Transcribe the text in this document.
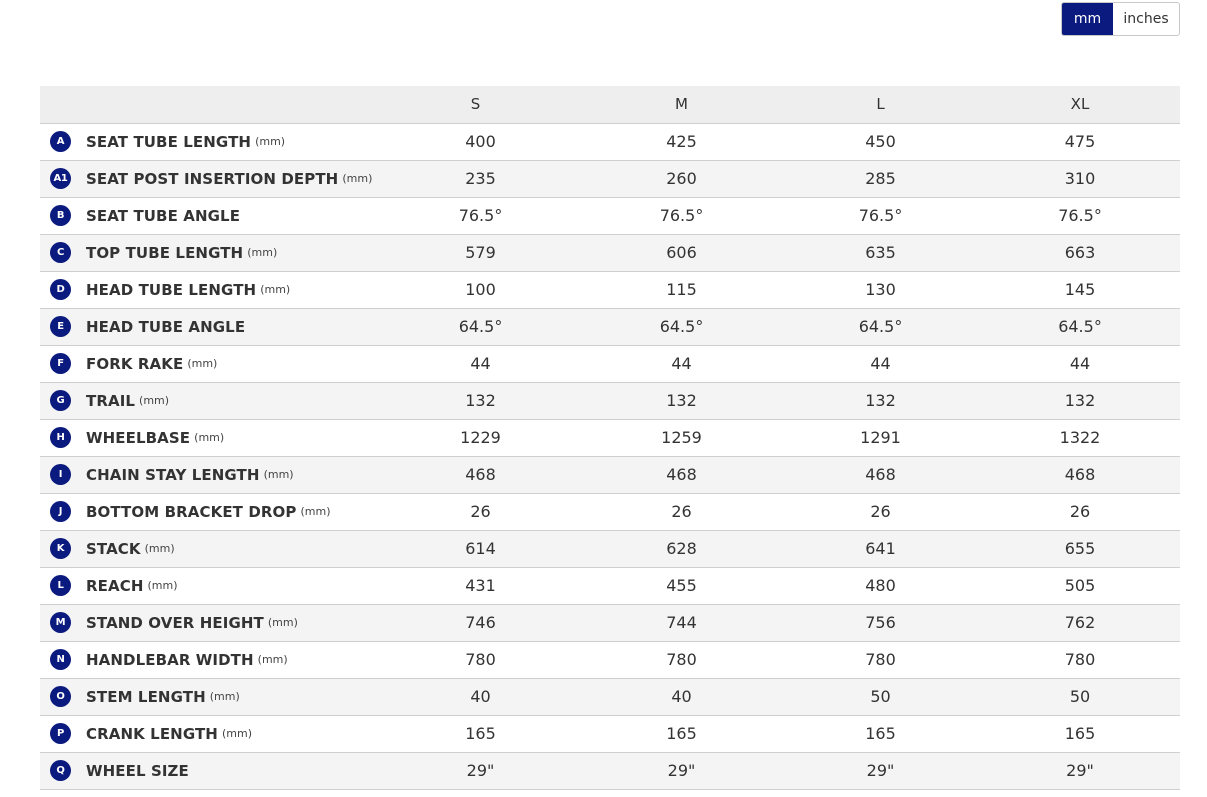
mm	inches
	S	M	L	XL

A SEAT TUBE LENGTH (mm)	400	425	450	475

A1 SEAT POST INSERTION DEPTH (mm)	235	260	285	310

B SEAT TUBE ANGLE	76.5°	76.5°	76.5°	76.5°

C TOP TUBE LENGTH (mm)	579	606	635	663

D HEAD TUBE LENGTH (mm)	100	115	130	145

E HEAD TUBE ANGLE	64.5°	64.5°	64.5°	64.5°

F FORK RAKE (mm)	44	44	44	44

G TRAIL (mm)	132	132	132	132

H WHEELBASE (mm)	1229	1259	1291	1322

I CHAIN STAY LENGTH (mm)	468	468	468	468

J BOTTOM BRACKET DROP (mm)	26	26	26	26

K STACK (mm)	614	628	641	655

L REACH (mm)	431	455	480	505

M STAND OVER HEIGHT (mm)	746	744	756	762

N HANDLEBAR WIDTH (mm)	780	780	780	780

O STEM LENGTH (mm)	40	40	50	50

P CRANK LENGTH (mm)	165	165	165	165

Q WHEEL SIZE	29"	29"	29"	29"
